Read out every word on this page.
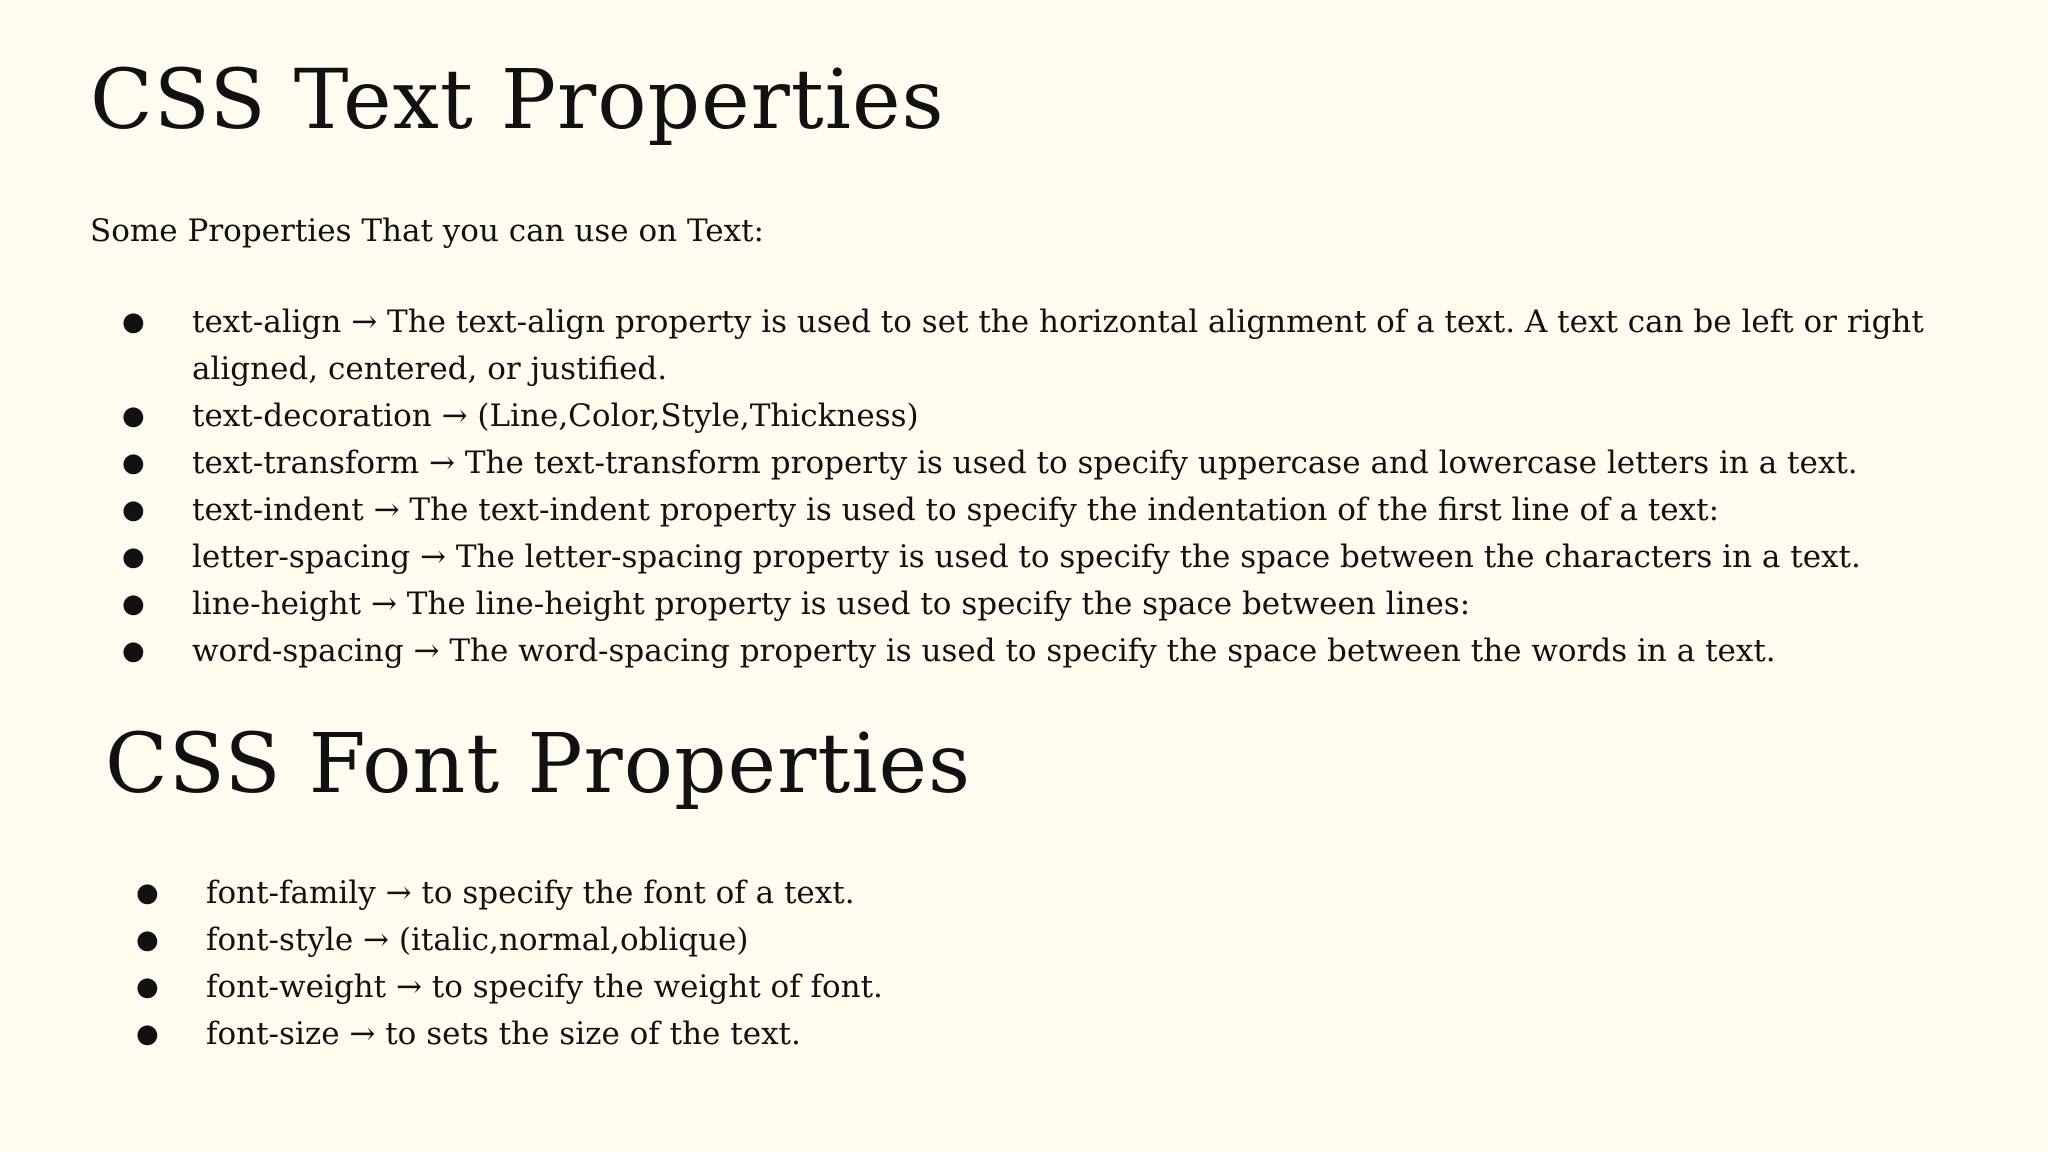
CSS Text Properties

Some Properties That you can use on Text:

● text-align → The text-align property is used to set the horizontal alignment of a text. A text can be left or right aligned, centered, or justified.
● text-decoration → (Line,Color,Style,Thickness)
● text-transform → The text-transform property is used to specify uppercase and lowercase letters in a text.
● text-indent → The text-indent property is used to specify the indentation of the first line of a text:
● letter-spacing → The letter-spacing property is used to specify the space between the characters in a text.
● line-height → The line-height property is used to specify the space between lines:
● word-spacing → The word-spacing property is used to specify the space between the words in a text.
CSS Font Properties
● font-family → to specify the font of a text.
● font-style → (italic,normal,oblique)
● font-weight → to specify the weight of font.
● font-size → to sets the size of the text.
